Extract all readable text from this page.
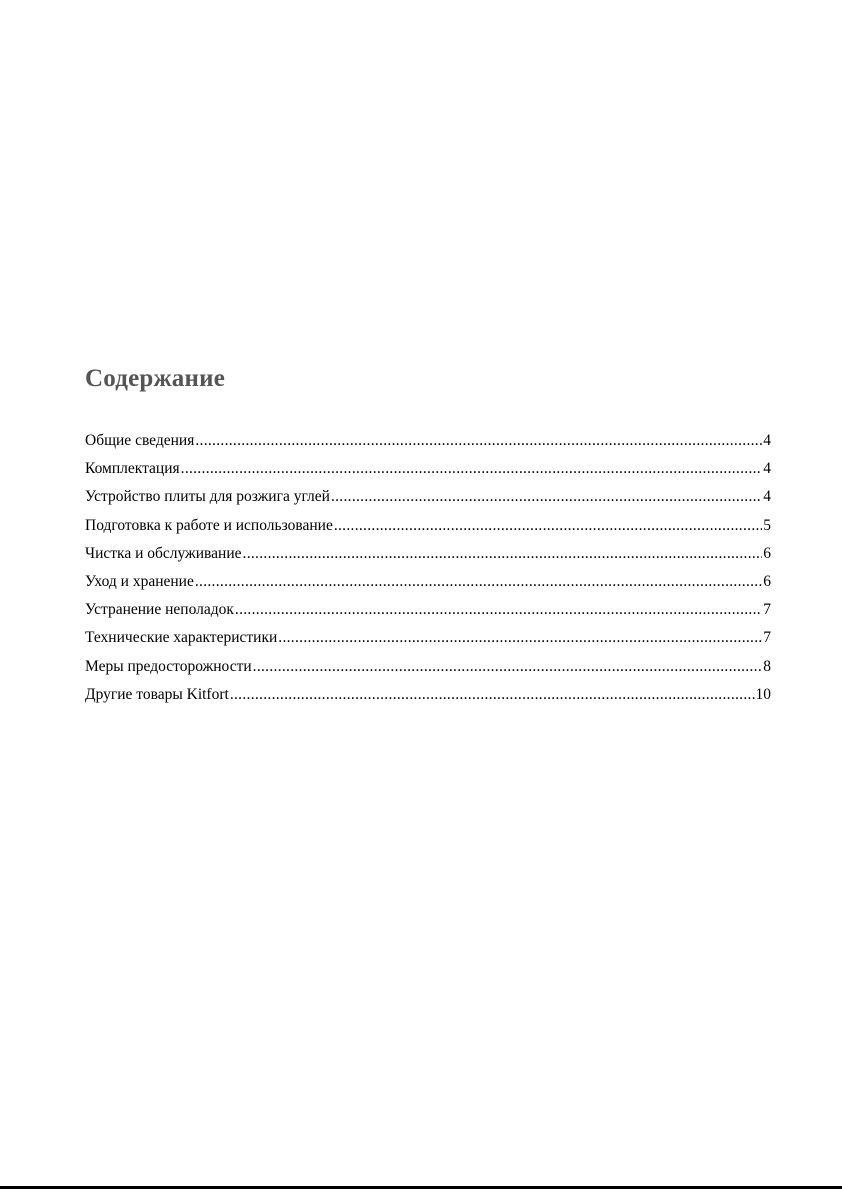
Содержание
Общие сведения .....	4
Комплектация .....	4
Устройство плиты для розжига углей .....	4
Подготовка к работе и использование .....	5
Чистка и обслуживание .....	6
Уход и хранение .....	6
Устранение неполадок .....	7
Технические характеристики .....	7
Меры предосторожности .....	8
Другие товары Kitfort .....	10
